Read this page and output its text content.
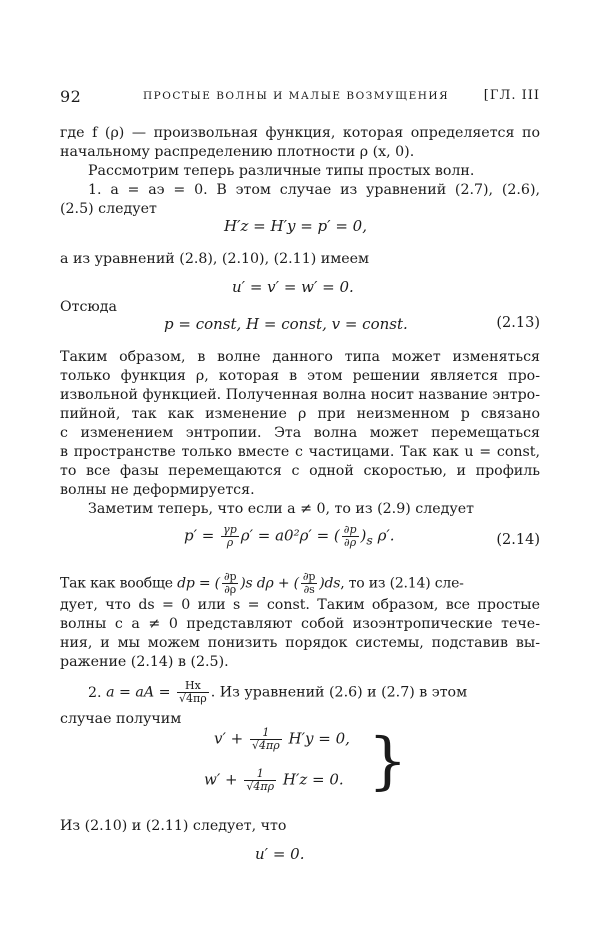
92	ПРОСТЫЕ ВОЛНЫ И МАЛЫЕ ВОЗМУЩЕНИЯ	[ГЛ. III
где f (ρ) — произвольная функция, которая определяется по
начальному распределению плотности ρ (x, 0).
Рассмотрим теперь различные типы простых волн.
1. a = aэ = 0. В этом случае из уравнений (2.7), (2.6),
(2.5) следует
H′z = H′y = p′ = 0,
а из уравнений (2.8), (2.10), (2.11) имеем
u′ = v′ = w′ = 0.
Отсюда
p = const, H = const, v = const.	(2.13)
Таким образом, в волне данного типа может изменяться
только функция ρ, которая в этом решении является про-
извольной функцией. Полученная волна носит название энтро-
пийной, так как изменение ρ при неизменном p связано
с изменением энтропии. Эта волна может перемещаться
в пространстве только вместе с частицами. Так как u = const,
то все фазы перемещаются с одной скоростью, и профиль
волны не деформируется.
Заметим теперь, что если a ≠ 0, то из (2.9) следует
$p' = \frac{\gamma p}{\rho} \rho' = a0^2\rho'$ = ( $\frac{\partial p}{\partial\rho} )_s$ ρ′.	(2.14)
Так как вообще dp = ( $\frac{\partial p}{\partial\rho} )s$ dρ + ( $\frac{\partial p}{\partial s} )ds$, то из (2.14) сле-
дует, что ds = 0 или s = const. Таким образом, все простые
волны с a ≠ 0 представляют собой изоэнтропические тече-
ния, и мы можем понизить порядок системы, подставив вы-
ражение (2.14) в (2.5).
2. a = aA = $\frac{Hx}{√4\pi\rho}$ . Из уравнений (2.6) и (2.7) в этом
случае получим
$v' + \frac{1}{√4\pi\rho} H'y = 0$,
$w' + \frac{1}{√4\pi\rho} H'z = 0$. }
Из (2.10) и (2.11) следует, что
u′ = 0.
